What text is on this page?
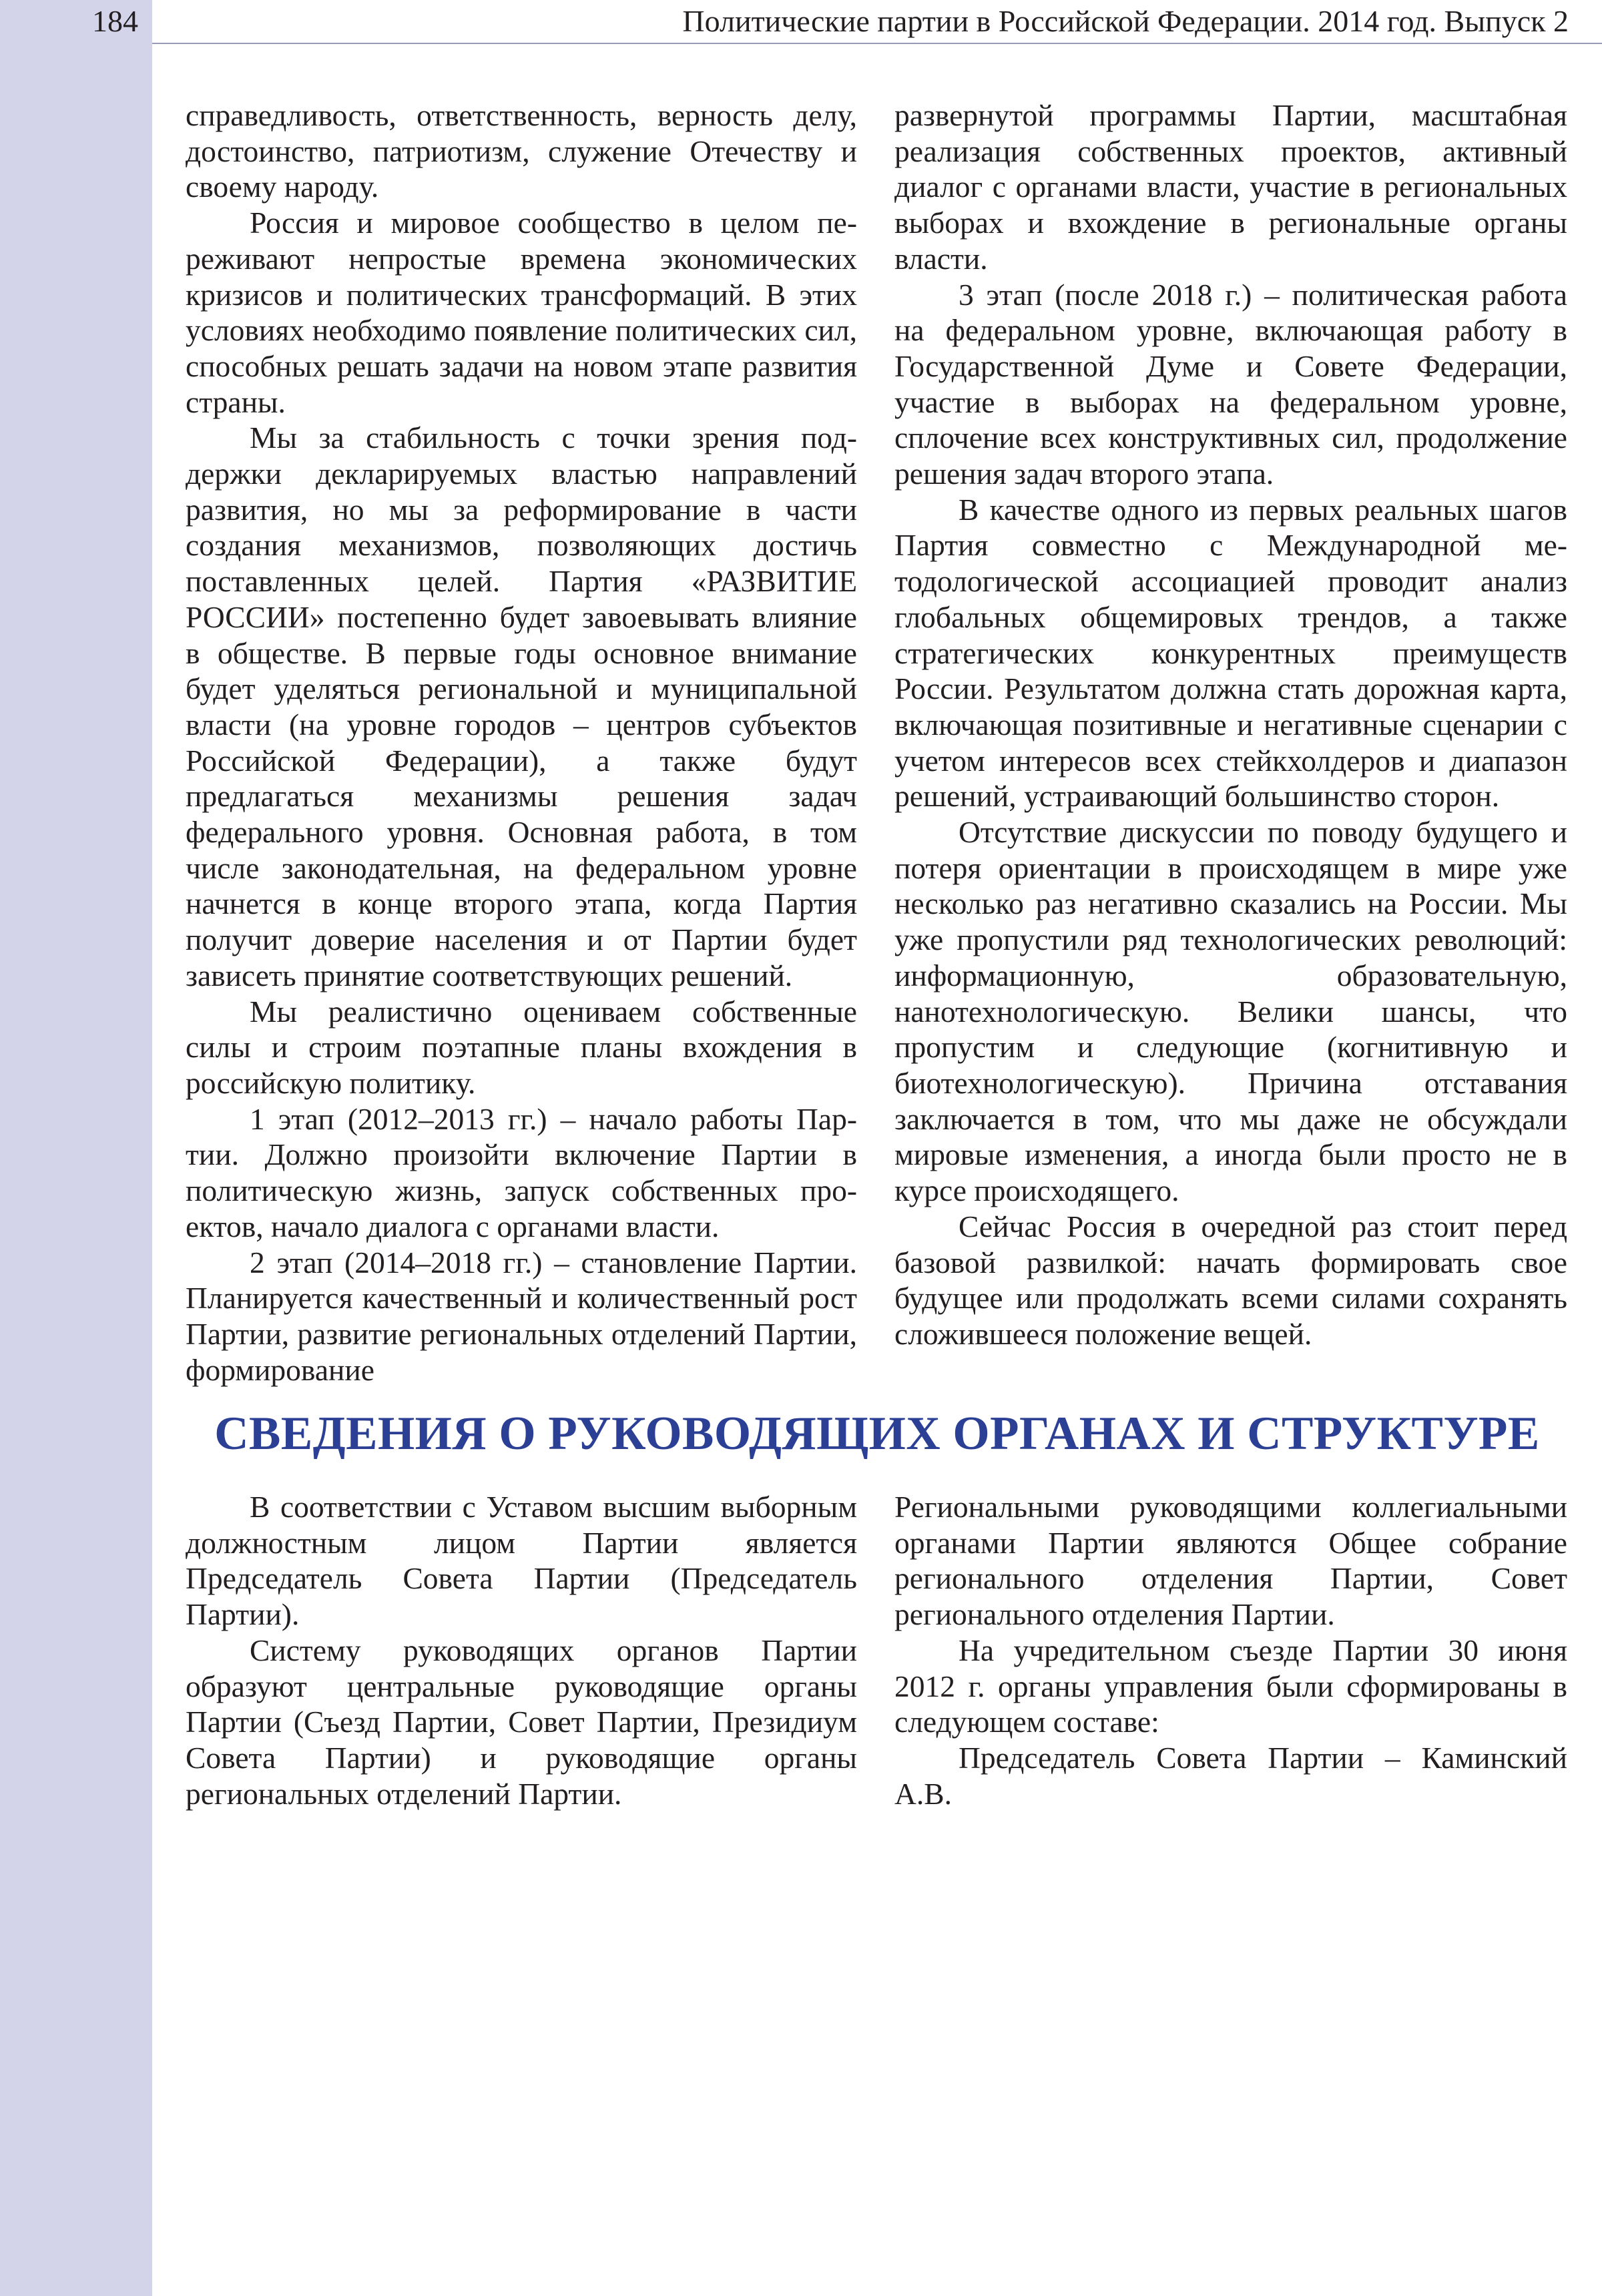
184	Политические партии в Российской Федерации. 2014 год. Выпуск 2

справедливость, ответственность, верность делу, достоинство, патриотизм, служение Отечеству и своему народу.

Россия и мировое сообщество в целом переживают непростые времена экономических кризисов и политических трансформаций. В этих условиях необходимо появление политических сил, способных решать задачи на новом этапе развития страны.

Мы за стабильность с точки зрения поддержки декларируемых властью направлений развития, но мы за реформирование в части создания механизмов, позволяющих достичь поставленных целей. Партия «РАЗВИТИЕ РОССИИ» постепенно будет завоевывать влияние в обществе. В первые годы основное внимание будет уделяться региональной и муниципальной власти (на уровне городов – центров субъектов Российской Федерации), а также будут предлагаться механизмы решения задач федерального уровня. Основная работа, в том числе законодательная, на федеральном уровне начнется в конце второго этапа, когда Партия получит доверие населения и от Партии будет зависеть принятие соответствующих решений.

Мы реалистично оцениваем собственные силы и строим поэтапные планы вхождения в российскую политику.

1 этап (2012–2013 гг.) – начало работы Партии. Должно произойти включение Партии в политическую жизнь, запуск собственных проектов, начало диалога с органами власти.

2 этап (2014–2018 гг.) – становление Партии. Планируется качественный и количественный рост Партии, развитие региональных отделений Партии, формирование

развернутой программы Партии, масштабная реализация собственных проектов, активный диалог с органами власти, участие в региональных выборах и вхождение в региональные органы власти.

3 этап (после 2018 г.) – политическая работа на федеральном уровне, включающая работу в Государственной Думе и Совете Федерации, участие в выборах на федеральном уровне, сплочение всех конструктивных сил, продолжение решения задач второго этапа.

В качестве одного из первых реальных шагов Партия совместно с Международной методологической ассоциацией проводит анализ глобальных общемировых трендов, а также стратегических конкурентных преимуществ России. Результатом должна стать дорожная карта, включающая позитивные и негативные сценарии с учетом интересов всех стейкхолдеров и диапазон решений, устраивающий большинство сторон.

Отсутствие дискуссии по поводу будущего и потеря ориентации в происходящем в мире уже несколько раз негативно сказались на России. Мы уже пропустили ряд технологических революций: информационную, образовательную, нанотехнологическую. Велики шансы, что пропустим и следующие (когнитивную и биотехнологическую). Причина отставания заключается в том, что мы даже не обсуждали мировые изменения, а иногда были просто не в курсе происходящего.

Сейчас Россия в очередной раз стоит перед базовой развилкой: начать формировать свое будущее или продолжать всеми силами сохранять сложившееся положение вещей.

СВЕДЕНИЯ О РУКОВОДЯЩИХ ОРГАНАХ И СТРУКТУРЕ

В соответствии с Уставом высшим выборным должностным лицом Партии является Председатель Совета Партии (Председатель Партии).

Систему руководящих органов Партии образуют центральные руководящие органы Партии (Съезд Партии, Совет Партии, Президиум Совета Партии) и руководящие органы региональных отделений Партии.

Региональными руководящими коллегиальными органами Партии являются Общее собрание регионального отделения Партии, Совет регионального отделения Партии.

На учредительном съезде Партии 30 июня 2012 г. органы управления были сформированы в следующем составе:

Председатель Совета Партии – Каминский А.В.
